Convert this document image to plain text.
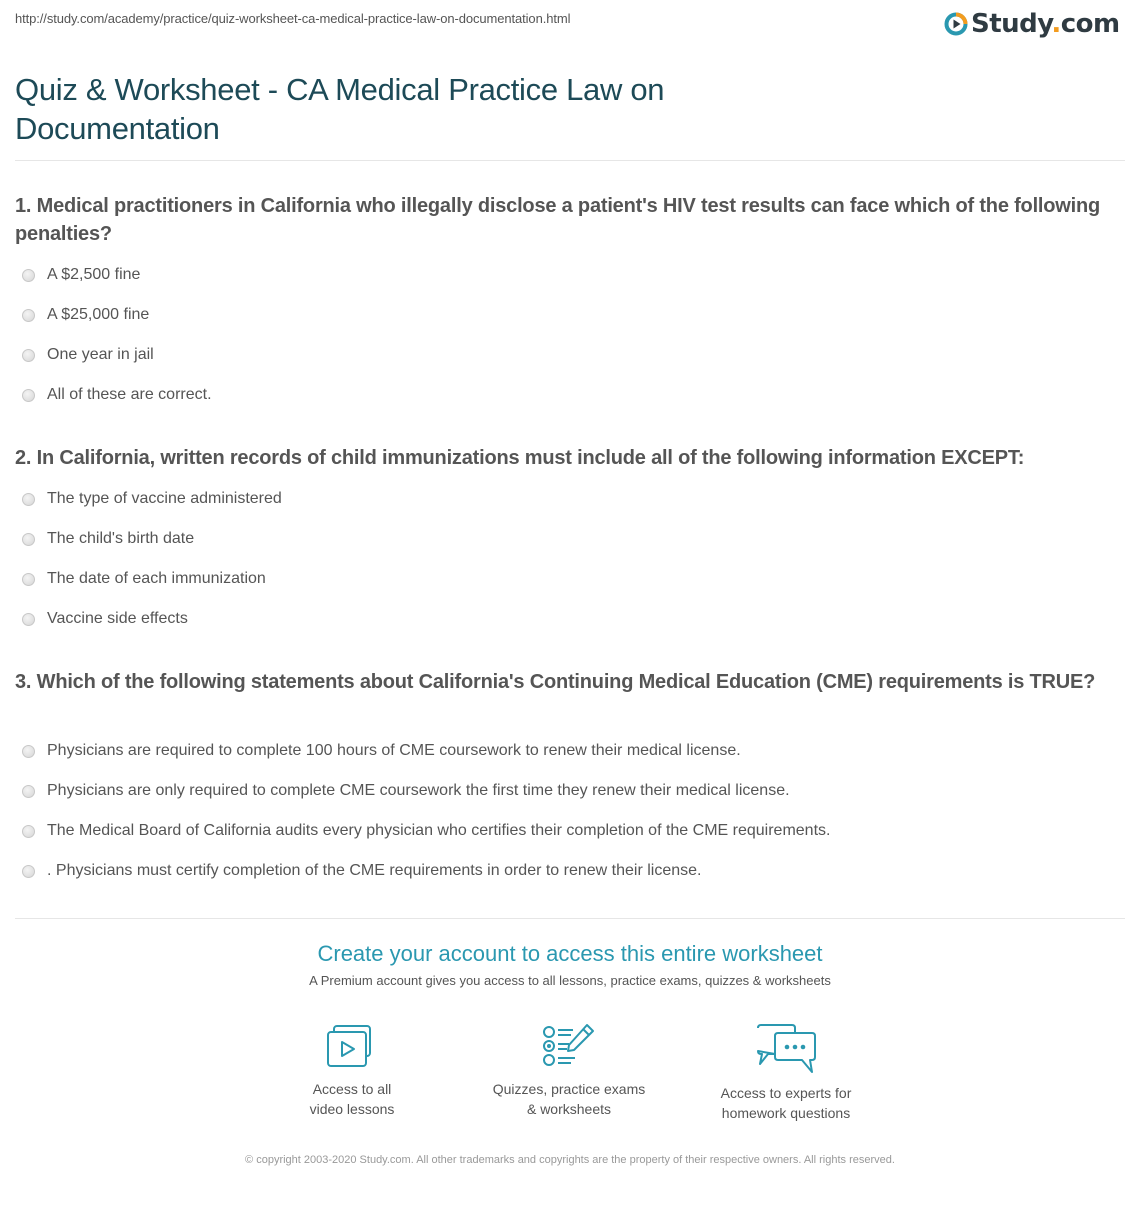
http://study.com/academy/practice/quiz-worksheet-ca-medical-practice-law-on-documentation.html	Study.com
Quiz & Worksheet - CA Medical Practice Law on Documentation
1. Medical practitioners in California who illegally disclose a patient's HIV test results can face which of the following penalties?
A $2,500 fine
A $25,000 fine
One year in jail
All of these are correct.
2. In California, written records of child immunizations must include all of the following information EXCEPT:
The type of vaccine administered
The child's birth date
The date of each immunization
Vaccine side effects
3. Which of the following statements about California's Continuing Medical Education (CME) requirements is TRUE?
Physicians are required to complete 100 hours of CME coursework to renew their medical license.
Physicians are only required to complete CME coursework the first time they renew their medical license.
The Medical Board of California audits every physician who certifies their completion of the CME requirements.
. Physicians must certify completion of the CME requirements in order to renew their license.
Create your account to access this entire worksheet
A Premium account gives you access to all lessons, practice exams, quizzes & worksheets
Access to all
video lessons
Quizzes, practice exams
& worksheets
Access to experts for
homework questions
© copyright 2003-2020 Study.com. All other trademarks and copyrights are the property of their respective owners. All rights reserved.
